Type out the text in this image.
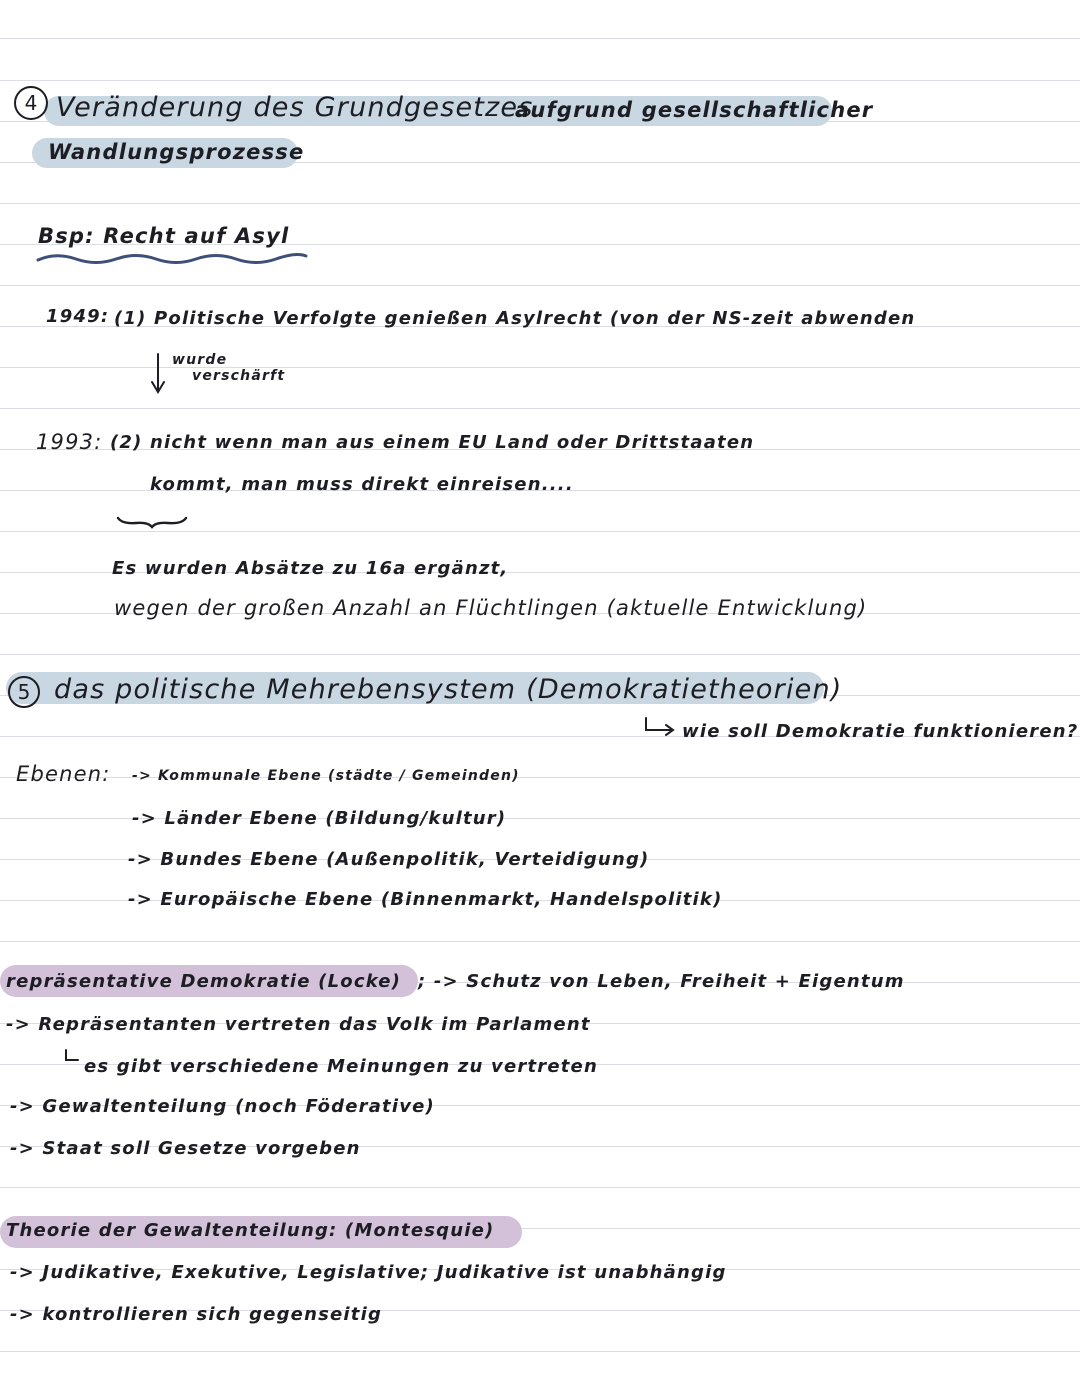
4 Veränderung des Grundgesetzes
aufgrund gesellschaftlicher
Wandlungsprozesse
Bsp: Recht auf Asyl
1949: (1) Politische Verfolgte genießen Asylrecht (von der NS-zeit abwenden
wurde
verschärft
1993: (2) nicht wenn man aus einem EU Land oder Drittstaaten
kommt, man muss direkt einreisen....
Es wurden Absätze zu 16a ergänzt,
wegen der großen Anzahl an Flüchtlingen (aktuelle Entwicklung)
5 das politische Mehrebensystem (Demokratietheorien)
wie soll Demokratie funktionieren?
Ebenen: -> Kommunale Ebene (städte / Gemeinden)
-> Länder Ebene (Bildung/kultur)
-> Bundes Ebene (Außenpolitik, Verteidigung)
-> Europäische Ebene (Binnenmarkt, Handelspolitik)
repräsentative Demokratie (Locke) ; -> Schutz von Leben, Freiheit + Eigentum
-> Repräsentanten vertreten das Volk im Parlament
es gibt verschiedene Meinungen zu vertreten
-> Gewaltenteilung (noch Föderative)
-> Staat soll Gesetze vorgeben
Theorie der Gewaltenteilung: (Montesquie)
-> Judikative, Exekutive, Legislative; Judikative ist unabhängig
-> kontrollieren sich gegenseitig
